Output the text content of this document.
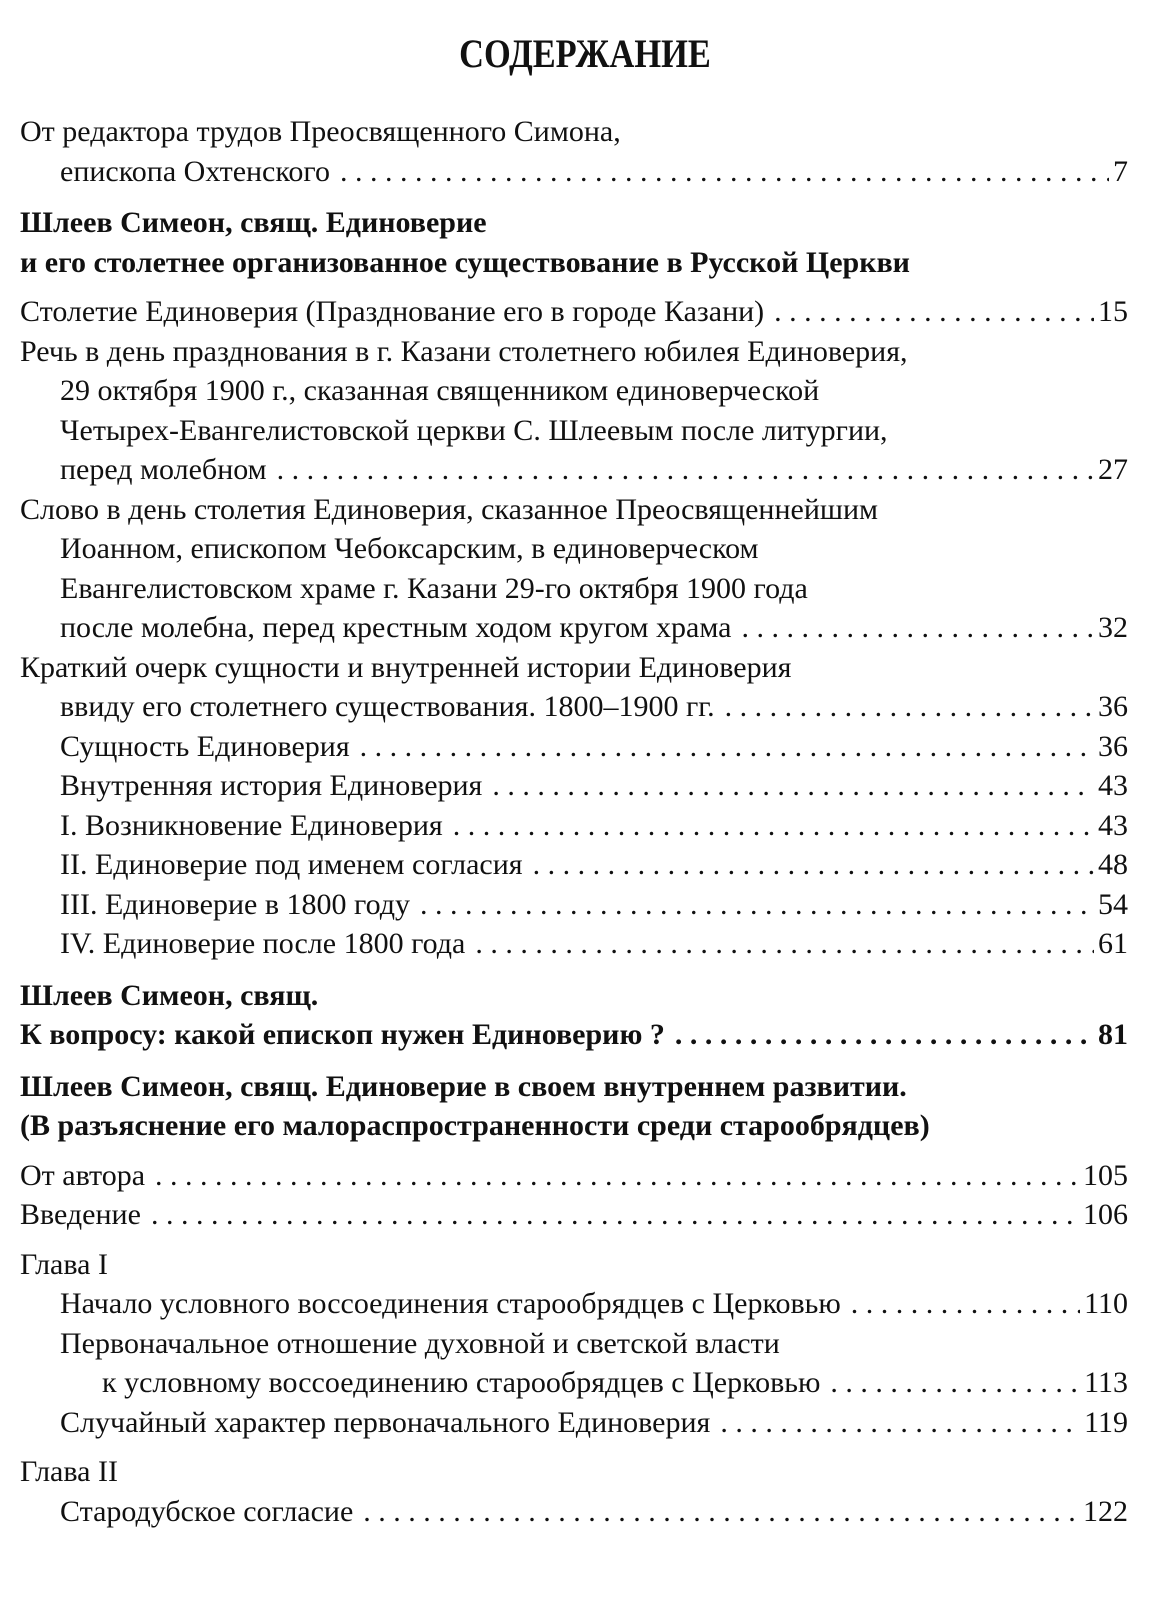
СОДЕРЖАНИЕ
От редактора трудов Преосвященного Симона,
епископа Охтенского . . .	7
Шлеев Симеон, свящ. Единоверие
и его столетнее организованное существование в Русской Церкви
Столетие Единоверия (Празднование его в городе Казани) . . .	15
Речь в день празднования в г. Казани столетнего юбилея Единоверия,
29 октября 1900 г., сказанная священником единоверческой
Четырех-Евангелистовской церкви С. Шлеевым после литургии,
перед молебном . . .	27
Слово в день столетия Единоверия, сказанное Преосвященнейшим
Иоанном, епископом Чебоксарским, в единоверческом
Евангелистовском храме г. Казани 29-го октября 1900 года
после молебна, перед крестным ходом кругом храма . . .	32
Краткий очерк сущности и внутренней истории Единоверия
ввиду его столетнего существования. 1800–1900 гг. . . .	36
Сущность Единоверия . . .	36
Внутренняя история Единоверия . . .	43
I. Возникновение Единоверия . . .	43
II. Единоверие под именем согласия . . .	48
III. Единоверие в 1800 году . . .	54
IV. Единоверие после 1800 года . . .	61
Шлеев Симеон, свящ.
К вопросу: какой епископ нужен Единоверию ? . . .	81
Шлеев Симеон, свящ. Единоверие в своем внутреннем развитии.
(В разъяснение его малораспространенности среди старообрядцев)
От автора . . .	105
Введение . . .	106
Глава I
Начало условного воссоединения старообрядцев с Церковью . . .	110
Первоначальное отношение духовной и светской власти
к условному воссоединению старообрядцев с Церковью . . .	113
Случайный характер первоначального Единоверия . . .	119
Глава II
Стародубское согласие . . .	122
